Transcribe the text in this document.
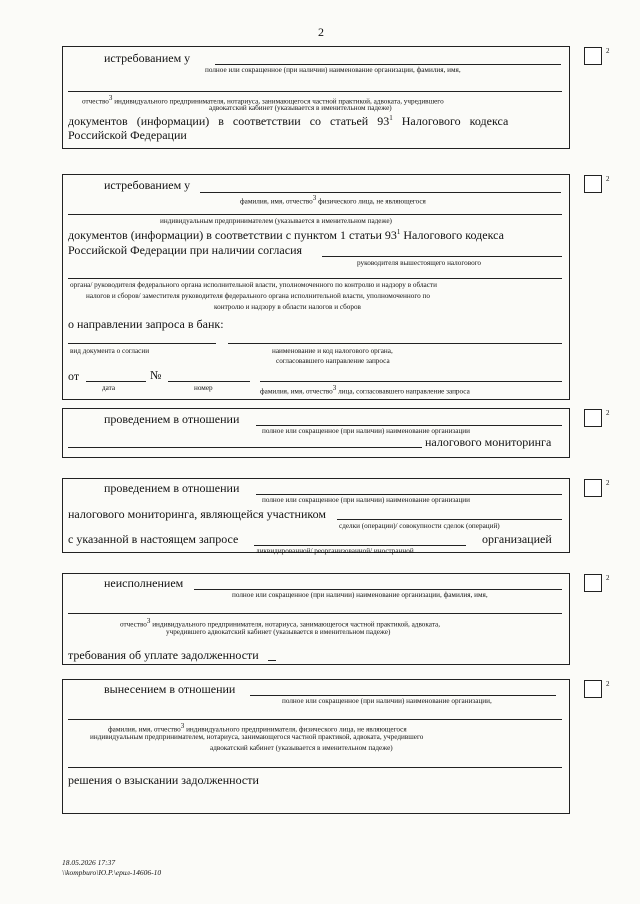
2
2
истребованием у
полное или сокращенное (при наличии) наименование организации, фамилия, имя,
отчество$^3$ индивидуального предпринимателя, нотариуса, занимающегося частной практикой, адвоката, учредившего
адвокатский кабинет (указывается в именительном падеже)
документов (информации) в соответствии со статьей $93^1$ Налогового кодекса
Российской Федерации
2
истребованием у
фамилия, имя, отчество$^3$ физического лица, не являющегося
индивидуальным предпринимателем (указывается в именительном падеже)
документов (информации) в соответствии с пунктом 1 статьи $93^1$ Налогового кодекса
Российской Федерации при наличии согласия
руководителя вышестоящего налогового
органа/ руководителя федерального органа исполнительной власти, уполномоченного по контролю и надзору в области
налогов и сборов/ заместителя руководителя федерального органа исполнительной власти, уполномоченного по
контролю и надзору в области налогов и сборов
о направлении запроса в банк:
вид документа о согласии	наименование и код налогового органа,
согласовавшего направление запроса
от	№
дата	номер	фамилия, имя, отчество$^3$ лица, согласовавшего направление запроса
2
проведением в отношении
полное или сокращенное (при наличии) наименование организации
налогового мониторинга
2
проведением в отношении
полное или сокращенное (при наличии) наименование организации
налогового мониторинга, являющейся участником
сделки (операции)/ совокупности сделок (операций)
с указанной в настоящем запросе	организацией
ликвидированной/ реорганизованной/ иностранной
2
неисполнением
полное или сокращенное (при наличии) наименование организации, фамилия, имя,
отчество$^3$ индивидуального предпринимателя, нотариуса, занимающегося частной практикой, адвоката,
учредившего адвокатский кабинет (указывается в именительном падеже)
требования об уплате задолженности
2
вынесением в отношении
полное или сокращенное (при наличии) наименование организации,
фамилия, имя, отчество$^3$ индивидуального предпринимателя, физического лица, не являющегося
индивидуальным предпринимателем, нотариуса, занимающегося частной практикой, адвоката, учредившего
адвокатский кабинет (указывается в именительном падеже)
решения о взыскании задолженности
18.05.2026 17:37
\\kompburo\Ю.Р.\ерил-14606-10
